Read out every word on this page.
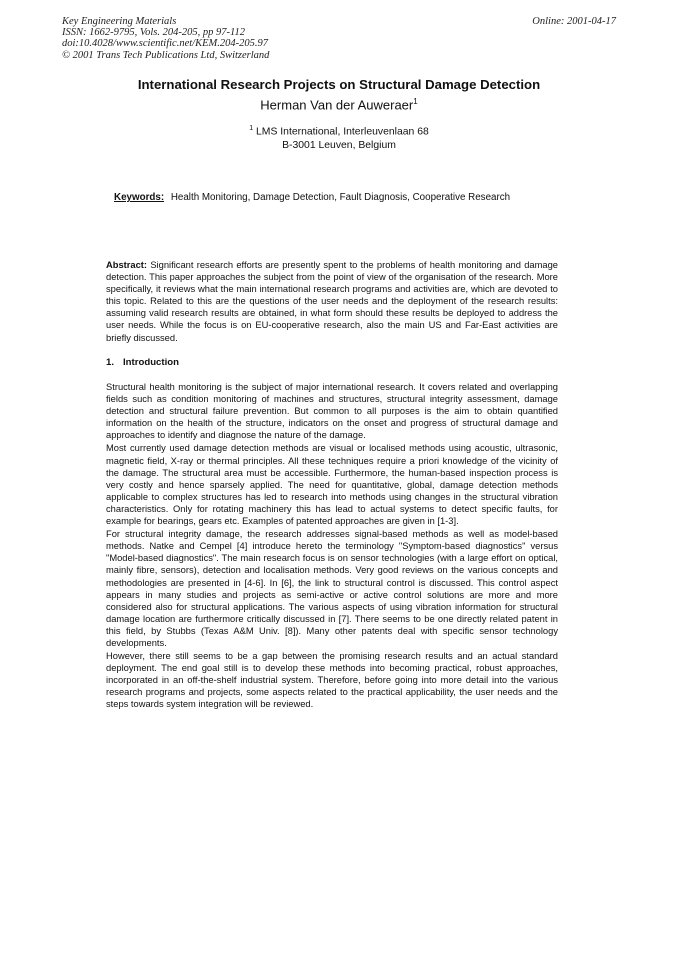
Key Engineering Materials
ISSN: 1662-9795, Vols. 204-205, pp 97-112
doi:10.4028/www.scientific.net/KEM.204-205.97
© 2001 Trans Tech Publications Ltd, Switzerland
Online: 2001-04-17
International Research Projects on Structural Damage Detection
Herman Van der Auweraer$^1$
$^1$ LMS International, Interleuvenlaan 68
B-3001 Leuven, Belgium
Keywords: Health Monitoring, Damage Detection, Fault Diagnosis, Cooperative Research

Abstract: Significant research efforts are presently spent to the problems of health monitoring and damage detection. This paper approaches the subject from the point of view of the organisation of the research. More specifically, it reviews what the main international research programs and activities are, which are devoted to this topic. Related to this are the questions of the user needs and the deployment of the research results: assuming valid research results are obtained, in what form should these results be deployed to address the user needs. While the focus is on EU-cooperative research, also the main US and Far-East activities are briefly discussed.

1. Introduction

Structural health monitoring is the subject of major international research. It covers related and overlapping fields such as condition monitoring of machines and structures, structural integrity assessment, damage detection and structural failure prevention. But common to all purposes is the aim to obtain quantified information on the health of the structure, indicators on the onset and progress of structural damage and approaches to identify and diagnose the nature of the damage.

Most currently used damage detection methods are visual or localised methods using acoustic, ultrasonic, magnetic field, X-ray or thermal principles. All these techniques require a priori knowledge of the vicinity of the damage. The structural area must be accessible. Furthermore, the human-based inspection process is very costly and hence sparsely applied. The need for quantitative, global, damage detection methods applicable to complex structures has led to research into methods using changes in the structural vibration characteristics. Only for rotating machinery this has lead to actual systems to detect specific faults, for example for bearings, gears etc. Examples of patented approaches are given in [1-3].

For structural integrity damage, the research addresses signal-based methods as well as model-based methods. Natke and Cempel [4] introduce hereto the terminology "Symptom-based diagnostics" versus "Model-based diagnostics". The main research focus is on sensor technologies (with a large effort on optical, mainly fibre, sensors), detection and localisation methods. Very good reviews on the various concepts and methodologies are presented in [4-6]. In [6], the link to structural control is discussed. This control aspect appears in many studies and projects as semi-active or active control solutions are more and more considered also for structural applications. The various aspects of using vibration information for structural damage location are furthermore critically discussed in [7]. There seems to be one directly related patent in this field, by Stubbs (Texas A&M Univ. [8]). Many other patents deal with specific sensor technology developments.

However, there still seems to be a gap between the promising research results and an actual standard deployment. The end goal still is to develop these methods into becoming practical, robust approaches, incorporated in an off-the-shelf industrial system. Therefore, before going into more detail into the various research programs and projects, some aspects related to the practical applicability, the user needs and the steps towards system integration will be reviewed.
